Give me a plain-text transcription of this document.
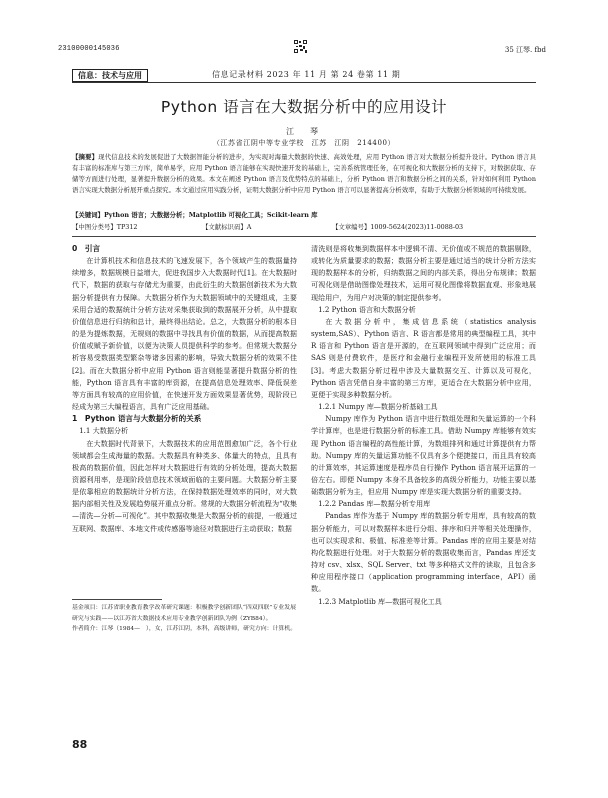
23100000145036	35 江琴. fbd
信息：技术与应用	信息记录材料 2023 年 11 月 第 24 卷第 11 期
Python 语言在大数据分析中的应用设计
江　琴
（江苏省江阴中等专业学校　江苏　江阴　214400）
【摘要】现代信息技术的发展促进了大数据智能分析的进步，为实现对海量大数据的快速、高效处理，应用 Python 语言对大数据分析提升设计。Python 语言具有丰富的标准库与第三方库，简单易学，应用 Python 语言能够在实现快速开发的基础上，完善系统管理任务，在可视化和大数据分析的支持下，对数据获取、存储等方面进行处理，显著提升数据分析的效果。本文在阐述 Python 语言及优势特点的基础上，分析 Python 语言和数据分析之间的关系，针对如何利用 Python 语言实现大数据分析展开重点探究。本文通过应用实践分析，证明大数据分析中应用 Python 语言可以显著提高分析效率，有助于大数据分析领域的可持续发展。
【关键词】Python 语言；大数据分析；Matplotlib 可视化工具；Scikit-learn 库
【中图分类号】TP312	【文献标识码】A	【文章编号】1009-5624(2023)11-0088-03

0　引言

在计算机技术和信息技术的飞速发展下，各个领域产生的数据量持续增多，数据规模日益增大，促进我国步入大数据时代[1]。在大数据时代下，数据的获取与存储尤为重要，由此衍生的大数据创新技术为大数据分析提供有力保障。大数据分析作为大数据领域中的关键组成，主要采用合适的数据统计分析方法对采集获取到的数据展开分析，从中提取价值信息进行归纳和总计，最终得出结论。总之，大数据分析的根本目的是为提炼数据，无规则的数据中寻找具有价值的数据，从而提高数据价值或赋予新价值，以便为决策人员提供科学的参考。但常规大数据分析容易受数据类型繁杂等诸多因素的影响，导致大数据分析的效果不佳[2]。而在大数据分析中应用 Python 语言则能显著提升数据分析的性能，Python 语言具有丰富的库资源，在提高信息处理效率、降低误差等方面具有较高的应用价值，在快速开发方面效果显著优势，现阶段已经成为第三大编程语言，具有广泛应用基础。

1　Python 语言与大数据分析的关系

1.1 大数据分析

在大数据时代背景下，大数据技术的应用范围愈加广泛，各个行业领域都会生成海量的数据。大数据具有种类多、体量大的特点，且具有极高的数据价值，因此怎样对大数据进行有效的分析处理，提高大数据资源利用率，是现阶段信息技术领域面临的主要问题。大数据分析主要是依靠相应的数据统计分析方法，在保持数据处理效率的同时，对大数据内部相关性及发展趋势展开重点分析。常规的大数据分析流程为“收集—清洗—分析—可视化”。其中数据收集是大数据分析的前提，一般通过互联网、数据库、本地文件或传感器等途径对数据进行主动获取；数据

清洗则是将收集到数据样本中逻辑不清、无价值或不规范的数据剔除，或转化为质量要求的数据；数据分析主要是通过适当的统计分析方法实现的数据样本的分析，归纳数据之间的内部关系，得出分布规律；数据可视化则是借助图像处理技术，运用可视化图像将数据直观、形象地展现给用户，为用户对决策的制定提供参考。

1.2 Python 语言和大数据分析

在大数据分析中，集成信息系统（statistics analysis system,SAS）、Python 语言、R 语言都是常用的典型编程工具，其中 R 语言和 Python 语言是开源的，在互联网领域中得到广泛应用；而 SAS 则是付费软件，是医疗和金融行业编程开发所使用的标准工具[3]。考虑大数据分析过程中涉及大量数据交互、计算以及可视化，Python 语言凭借自身丰富的第三方库，更适合在大数据分析中应用，更便于实现多种数据分析。

1.2.1 Numpy 库—数据分析基础工具

Numpy 库作为 Python 语言中进行数组处理和矢量运算的一个科学计算库，也是进行数据分析的标准工具。借助 Numpy 库能够有效实现 Python 语言编程的高性能计算，为数组排列和通过计算提供有力帮助。Numpy 库的矢量运算功能不仅具有多个便捷接口，而且具有较高的计算效率，其运算速度是程序员自行操作 Python 语言展开运算的一倍左右。即便 Numpy 本身不具备较多的高级分析能力，功能主要以基础数据分析为主，但应用 Numpy 库是实现大数据分析的重要支持。

1.2.2 Pandas 库—数据分析专用库

Pandas 库作为基于 Numpy 库的数据分析专用库，具有较高的数据分析能力，可以对数据样本进行分组、排序和归并等相关处理操作，也可以实现求和、极值、标准差等计算。Pandas 库的应用主要是对结构化数据进行处理。对于大数据分析的数据收集而言，Pandas 库还支持对 csv、xlsx、SQL Server、txt 等多种格式文件的读取，且包含多种应用程序接口（application programming interface，API）函数。

1.2.3 Matplotlib 库—数据可视化工具

基金项目：江苏省职业教育教学改革研究课题：积极教学创新团队“四双四联”专业发展研究与实践——以江苏省大数据技术应用专业教学创新团队为例（ZYB84）。
作者简介：江琴（1984—　），女，江苏江阴，本科，高级讲师，研究方向：计算机。
88
